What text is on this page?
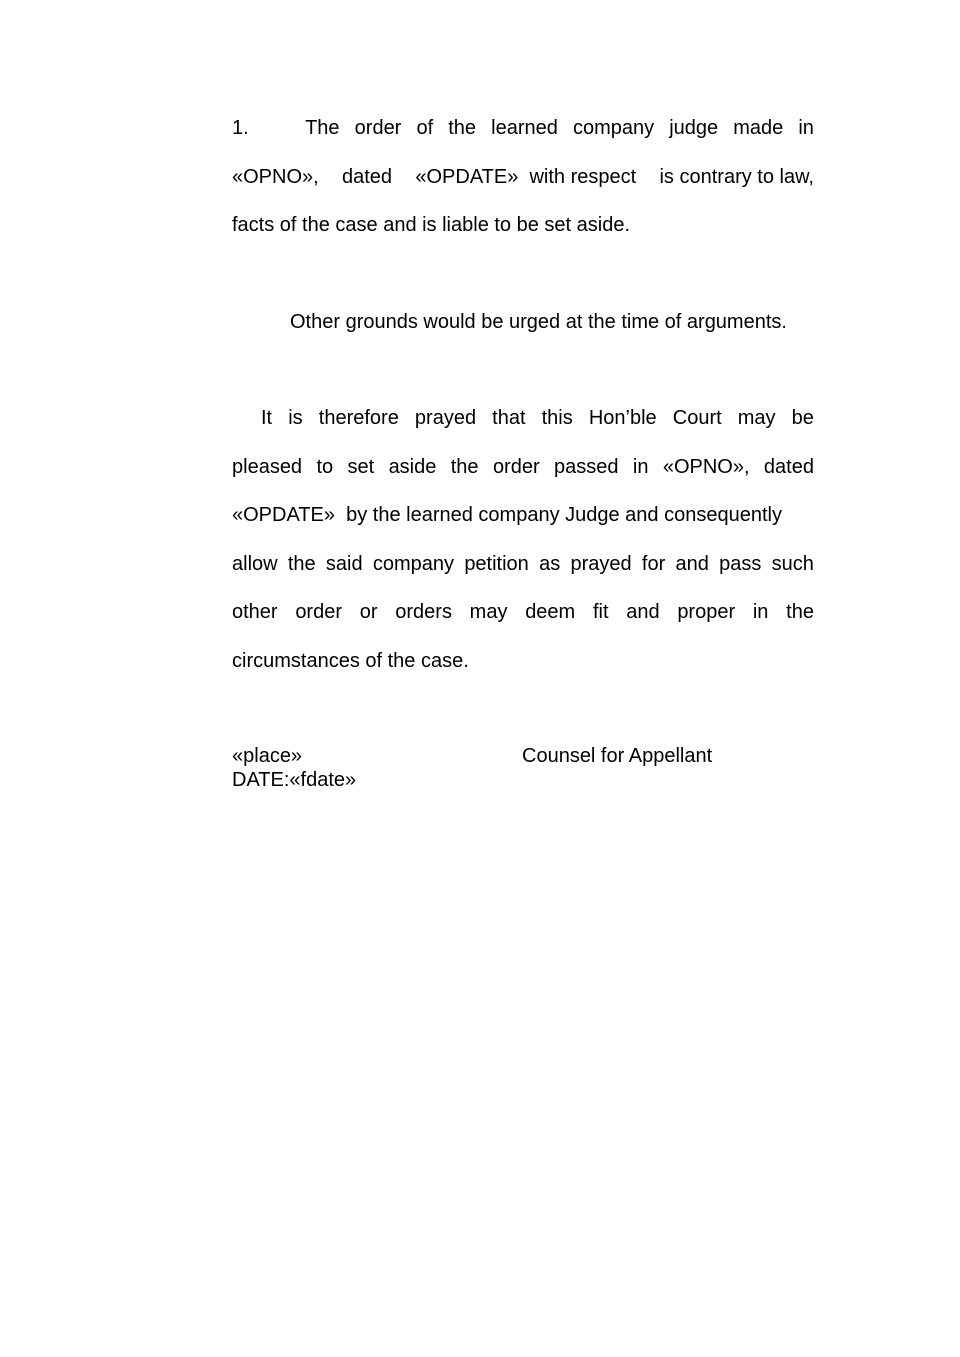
1.	The order of the learned company judge made in
«OPNO», dated «OPDATE»  with respect is contrary to law,
facts of the case and is liable to be set aside.
Other grounds would be urged at the time of arguments.
It is therefore prayed that this Hon’ble Court may be
pleased to set aside the order passed in «OPNO», dated
«OPDATE»  by the learned company Judge and consequently
allow the said company petition as prayed for and pass such
other order or orders may deem fit and proper in the
circumstances of the case.
«place»
DATE:«fdate»
Counsel for Appellant
